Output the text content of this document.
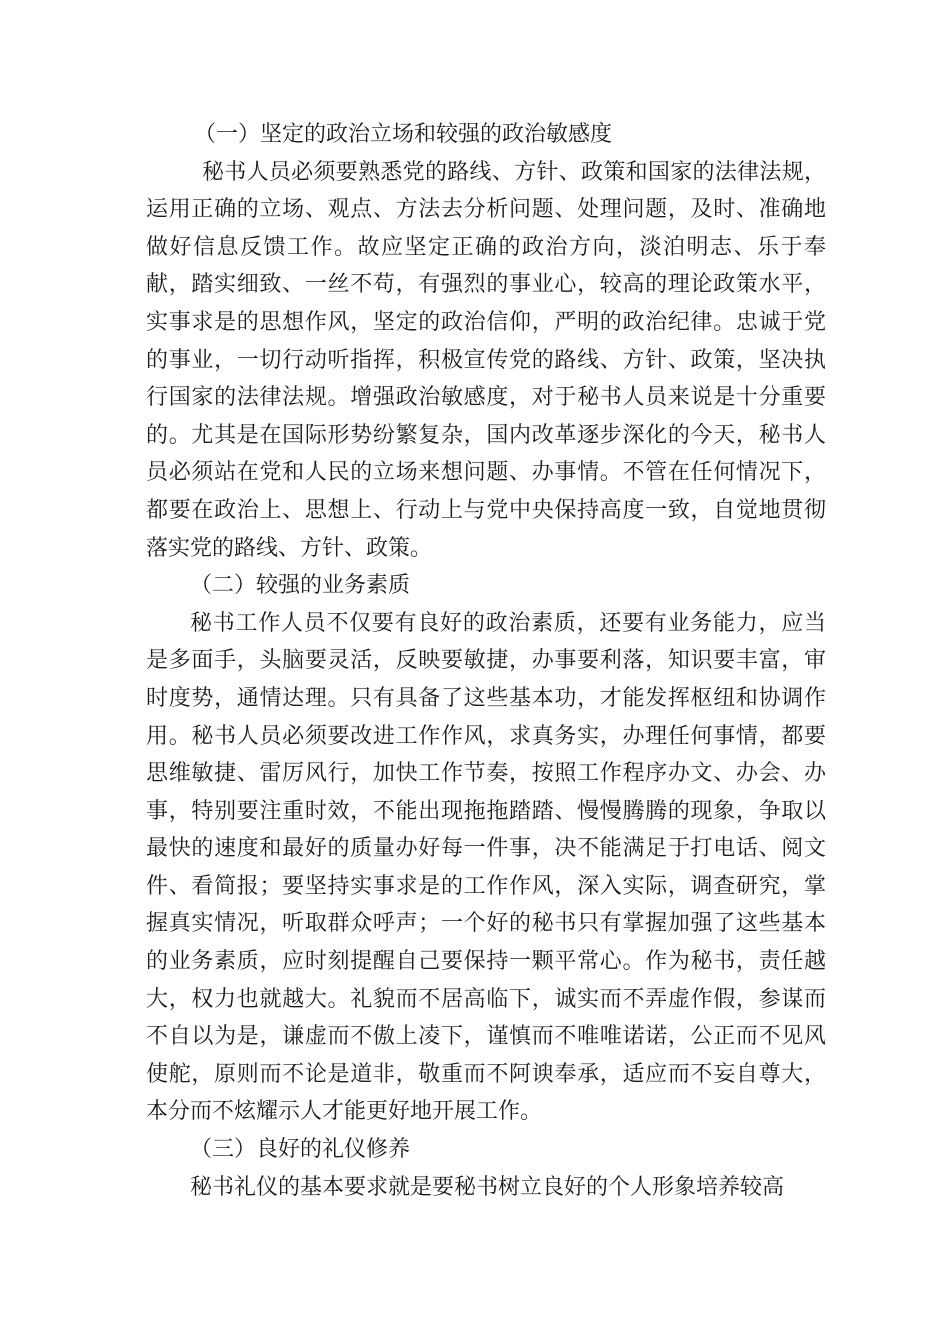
（一）坚定的政治立场和较强的政治敏感度

秘书人员必须要熟悉党的路线、方针、政策和国家的法律法规，运用正确的立场、观点、方法去分析问题、处理问题，及时、准确地做好信息反馈工作。故应坚定正确的政治方向，淡泊明志、乐于奉献，踏实细致、一丝不苟，有强烈的事业心，较高的理论政策水平，实事求是的思想作风，坚定的政治信仰，严明的政治纪律。忠诚于党的事业，一切行动听指挥，积极宣传党的路线、方针、政策，坚决执行国家的法律法规。增强政治敏感度，对于秘书人员来说是十分重要的。尤其是在国际形势纷繁复杂，国内改革逐步深化的今天，秘书人员必须站在党和人民的立场来想问题、办事情。不管在任何情况下，都要在政治上、思想上、行动上与党中央保持高度一致，自觉地贯彻落实党的路线、方针、政策。

（二）较强的业务素质

秘书工作人员不仅要有良好的政治素质，还要有业务能力，应当是多面手，头脑要灵活，反映要敏捷，办事要利落，知识要丰富，审时度势，通情达理。只有具备了这些基本功，才能发挥枢纽和协调作用。秘书人员必须要改进工作作风，求真务实，办理任何事情，都要思维敏捷、雷厉风行，加快工作节奏，按照工作程序办文、办会、办事，特别要注重时效，不能出现拖拖踏踏、慢慢腾腾的现象，争取以最快的速度和最好的质量办好每一件事，决不能满足于打电话、阅文件、看简报；要坚持实事求是的工作作风，深入实际，调查研究，掌握真实情况，听取群众呼声；一个好的秘书只有掌握加强了这些基本的业务素质，应时刻提醒自己要保持一颗平常心。作为秘书，责任越大，权力也就越大。礼貌而不居高临下，诚实而不弄虚作假，参谋而不自以为是，谦虚而不傲上凌下，谨慎而不唯唯诺诺，公正而不见风使舵，原则而不论是道非，敬重而不阿谀奉承，适应而不妄自尊大，本分而不炫耀示人才能更好地开展工作。

（三）良好的礼仪修养

秘书礼仪的基本要求就是要秘书树立良好的个人形象培养较高
